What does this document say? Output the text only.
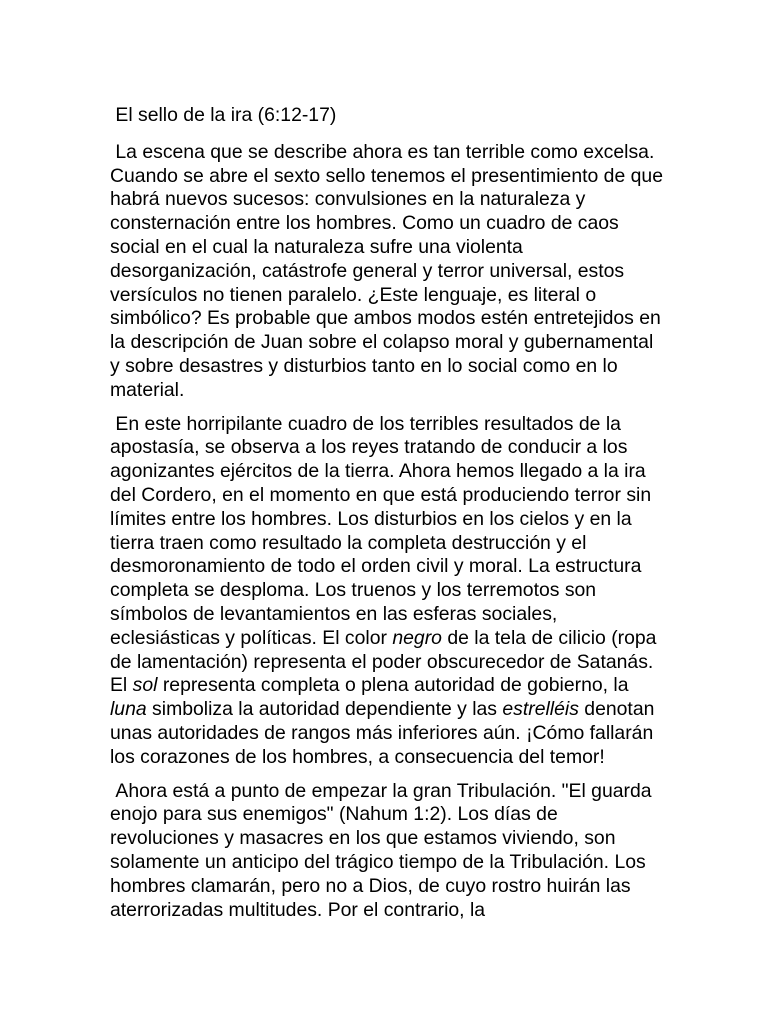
El sello de la ira (6:12-17)

La escena que se describe ahora es tan terrible como excelsa. Cuando se abre el sexto sello tenemos el presentimiento de que habrá nuevos sucesos: convulsiones en la naturaleza y consternación entre los hombres. Como un cuadro de caos social en el cual la naturaleza sufre una violenta desorganización, catástrofe general y terror universal, estos versículos no tienen paralelo. ¿Este lenguaje, es literal o simbólico? Es probable que ambos modos estén entretejidos en la descripción de Juan sobre el colapso moral y gubernamental y sobre desastres y disturbios tanto en lo social como en lo material.

En este horripilante cuadro de los terribles resultados de la apostasía, se observa a los reyes tratando de conducir a los agonizantes ejércitos de la tierra. Ahora hemos llegado a la ira del Cordero, en el momento en que está produciendo terror sin límites entre los hombres. Los disturbios en los cielos y en la tierra traen como resultado la completa destrucción y el desmoronamiento de todo el orden civil y moral. La estructura completa se desploma. Los truenos y los terremotos son símbolos de levantamientos en las esferas sociales, eclesiásticas y políticas. El color negro de la tela de cilicio (ropa de lamentación) representa el poder obscurecedor de Satanás. El sol representa completa o plena autoridad de gobierno, la luna simboliza la autoridad dependiente y las estrelléis denotan unas autoridades de rangos más inferiores aún. ¡Cómo fallarán los corazones de los hombres, a consecuencia del temor!

Ahora está a punto de empezar la gran Tribulación. "El guarda enojo para sus enemigos" (Nahum 1:2). Los días de revoluciones y masacres en los que estamos viviendo, son solamente un anticipo del trágico tiempo de la Tribulación. Los hombres clamarán, pero no a Dios, de cuyo rostro huirán las aterrorizadas multitudes. Por el contrario, la
